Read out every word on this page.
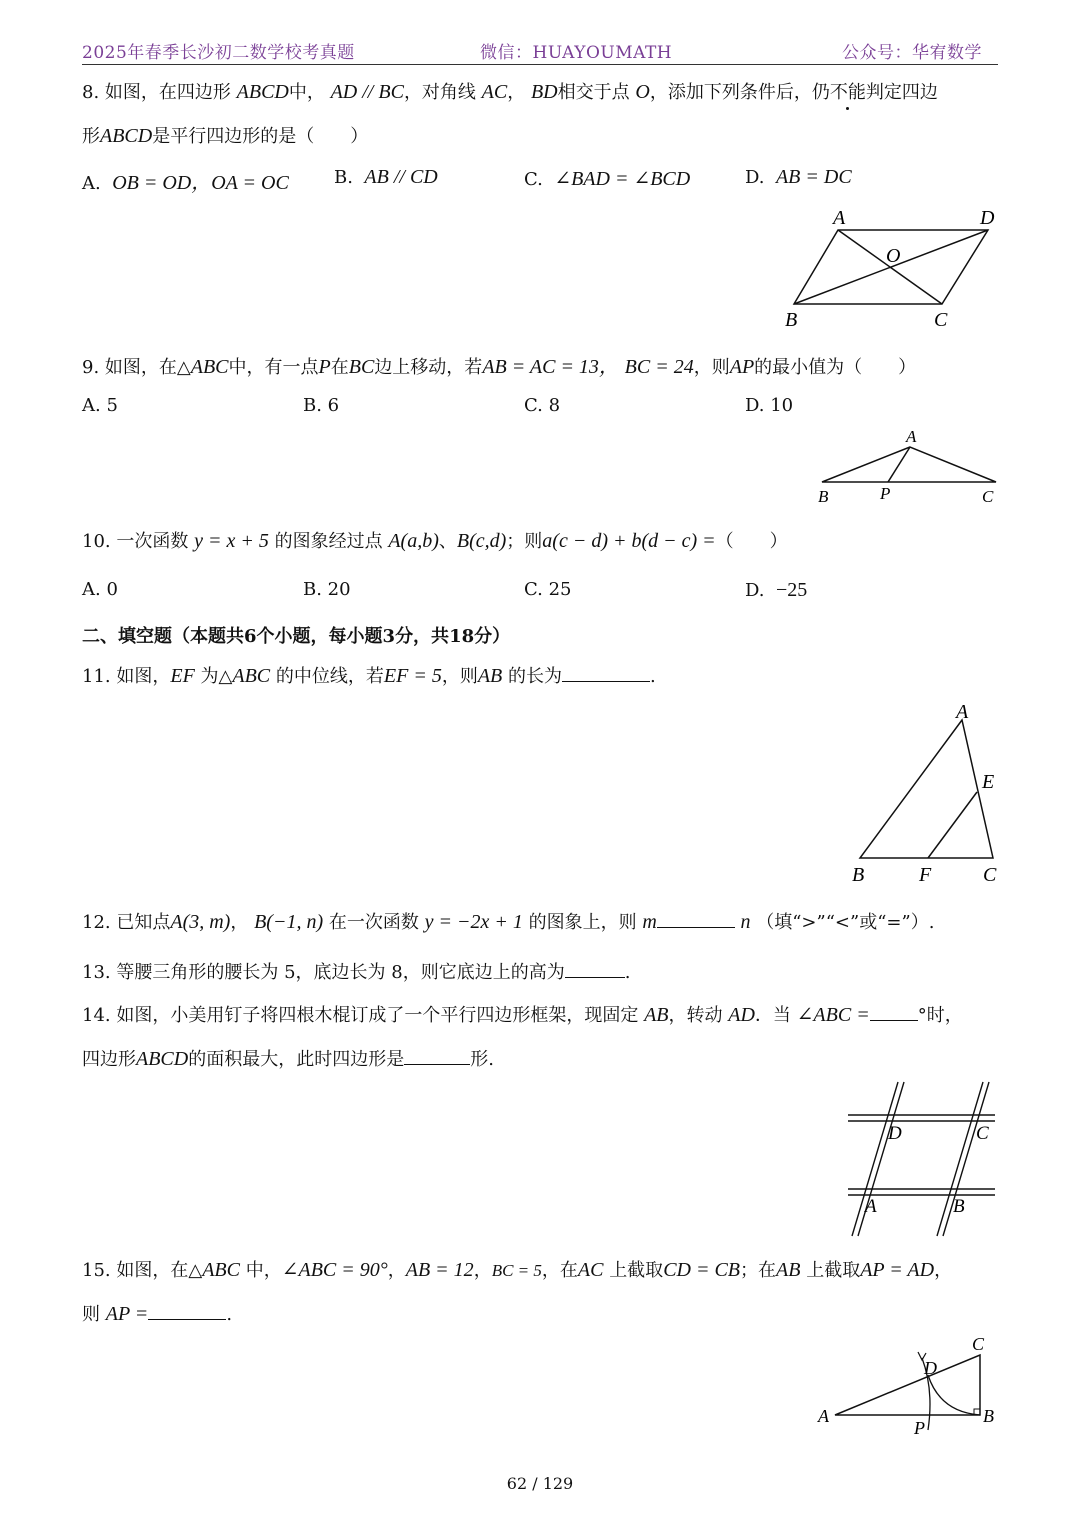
2025年春季长沙初二数学校考真题	微信：HUAYOUMATH	公众号：华宥数学
8. 如图，在四边形 ABCD中， AD // BC，对角线 AC， BD相交于点 O，添加下列条件后，仍不能判定四边
形ABCD是平行四边形的是（　　）
A. OB = OD，OA = OC	B. AB // CD	C. ∠BAD = ∠BCD	D. AB = DC
A	D
O
B	C
9. 如图，在△ABC中，有一点P在BC边上移动，若AB = AC = 13， BC = 24，则AP的最小值为（　　）
A. 5	B. 6	C. 8	D. 10
A
B	P	C
10. 一次函数 y = x + 5 的图象经过点 A(a,b)、B(c,d)；则a(c − d) + b(d − c) =（　　）
A. 0	B. 20	C. 25	D. −25
二、填空题（本题共6个小题，每小题3分，共18分）
11. 如图，EF 为△ABC 的中位线，若EF = 5，则AB 的长为	.
A
E
B	F	C
12. 已知点A(3, m)， B(−1, n) 在一次函数 y = −2x + 1 的图象上，则 m	n （填“>”“<”或“=”）.
13. 等腰三角形的腰长为 5，底边长为 8，则它底边上的高为	.
14. 如图，小美用钉子将四根木棍订成了一个平行四边形框架，现固定 AB，转动 AD．当 ∠ABC =	°时，
四边形ABCD的面积最大，此时四边形是	形.
D	C
A	B
15. 如图，在△ABC 中，∠ABC = 90°，AB = 12，BC = 5，在AC 上截取CD = CB；在AB 上截取AP = AD，
则 AP =	.
C
D
A
P
B
62 / 129
